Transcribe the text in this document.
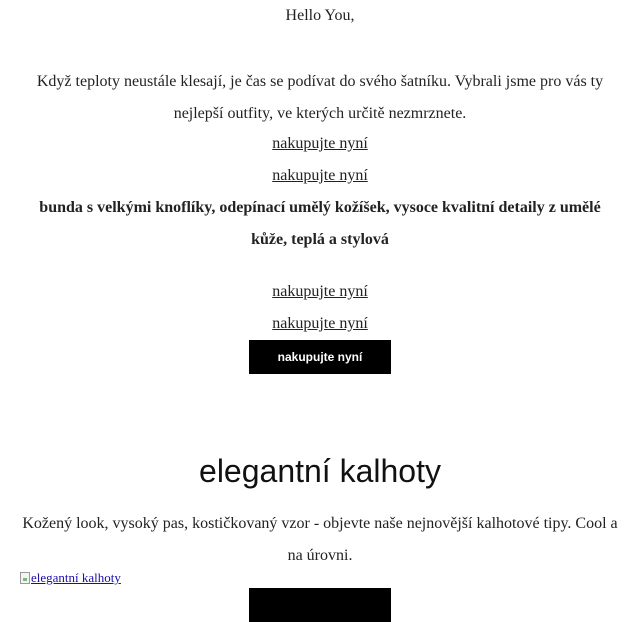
Hello You,
Když teploty neustále klesají, je čas se podívat do svého šatníku. Vybrali jsme pro vás ty nejlepší outfity, ve kterých určitě nezmrznete.
nakupujte nyní
nakupujte nyní
bunda s velkými knoflíky, odepínací umělý kožíšek, vysoce kvalitní detaily z umělé kůže, teplá a stylová
nakupujte nyní
nakupujte nyní
nakupujte nyní
elegantní kalhoty
Kožený look, vysoký pas, kostičkovaný vzor - objevte naše nejnovější kalhotové tipy. Cool a na úrovni.
elegantní kalhoty
